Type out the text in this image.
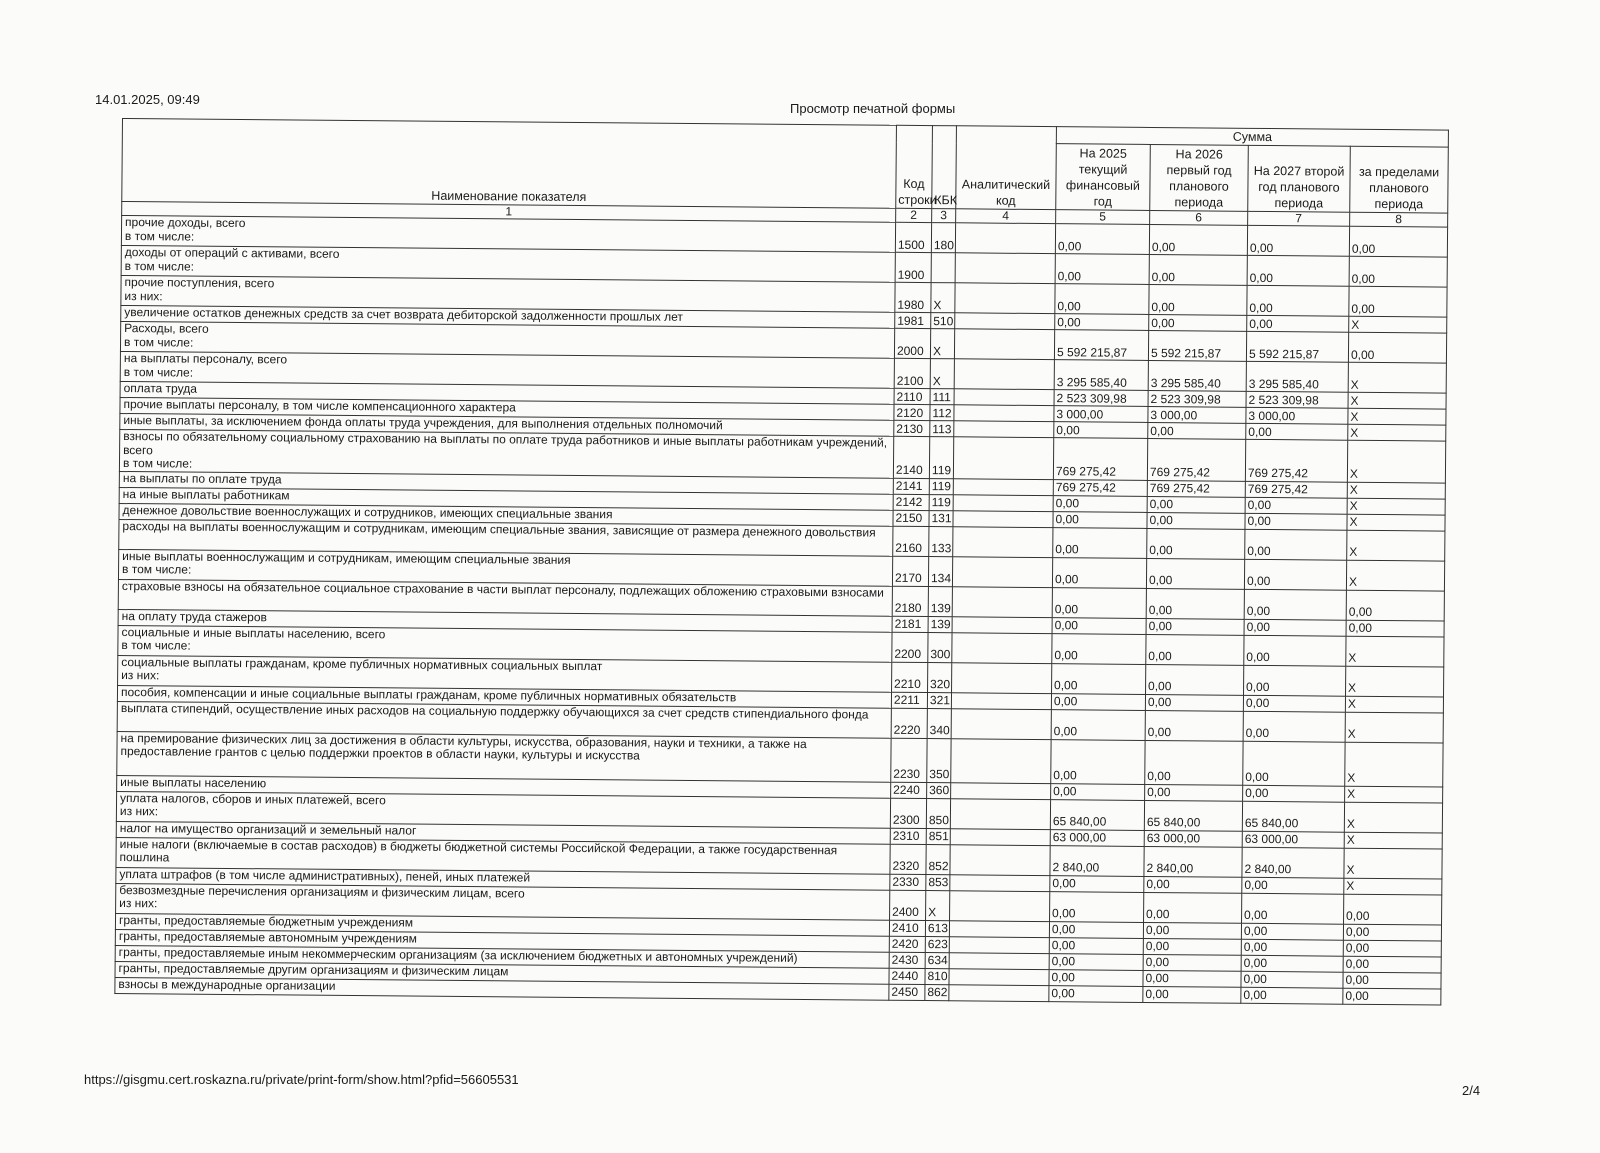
14.01.2025, 09:49
Просмотр печатной формы
Наименование показателя	Код строки	КБК	Аналитический код	Сумма			
				На 2025 текущий финансовый год	На 2026 первый год планового периода	На 2027 второй год планового периода	за пределами планового периода
1	2	3	4	5	6	7	8
прочие доходы, всего
в том числе:	1500	180		0,00	0,00	0,00	0,00
доходы от операций с активами, всего
в том числе:	1900			0,00	0,00	0,00	0,00
прочие поступления, всего
из них:	1980	X		0,00	0,00	0,00	0,00
увеличение остатков денежных средств за счет возврата дебиторской задолженности прошлых лет	1981	510		0,00	0,00	0,00	X
Расходы, всего
в том числе:	2000	X		5 592 215,87	5 592 215,87	5 592 215,87	0,00
на выплаты персоналу, всего
в том числе:	2100	X		3 295 585,40	3 295 585,40	3 295 585,40	X
оплата труда	2110	111		2 523 309,98	2 523 309,98	2 523 309,98	X
прочие выплаты персоналу, в том числе компенсационного характера	2120	112		3 000,00	3 000,00	3 000,00	X
иные выплаты, за исключением фонда оплаты труда учреждения, для выполнения отдельных полномочий	2130	113		0,00	0,00	0,00	X
взносы по обязательному социальному страхованию на выплаты по оплате труда работников и иные выплаты работникам учреждений, всего
в том числе:	2140	119		769 275,42	769 275,42	769 275,42	X
на выплаты по оплате труда	2141	119		769 275,42	769 275,42	769 275,42	X
на иные выплаты работникам	2142	119		0,00	0,00	0,00	X
денежное довольствие военнослужащих и сотрудников, имеющих специальные звания	2150	131		0,00	0,00	0,00	X
расходы на выплаты военнослужащим и сотрудникам, имеющим специальные звания, зависящие от размера денежного довольствия	2160	133		0,00	0,00	0,00	X
иные выплаты военнослужащим и сотрудникам, имеющим специальные звания
в том числе:	2170	134		0,00	0,00	0,00	X
страховые взносы на обязательное социальное страхование в части выплат персоналу, подлежащих обложению страховыми взносами	2180	139		0,00	0,00	0,00	0,00
на оплату труда стажеров	2181	139		0,00	0,00	0,00	0,00
социальные и иные выплаты населению, всего
в том числе:	2200	300		0,00	0,00	0,00	X
социальные выплаты гражданам, кроме публичных нормативных социальных выплат
из них:	2210	320		0,00	0,00	0,00	X
пособия, компенсации и иные социальные выплаты гражданам, кроме публичных нормативных обязательств	2211	321		0,00	0,00	0,00	X
выплата стипендий, осуществление иных расходов на социальную поддержку обучающихся за счет средств стипендиального фонда	2220	340		0,00	0,00	0,00	X
на премирование физических лиц за достижения в области культуры, искусства, образования, науки и техники, а также на предоставление грантов с целью поддержки проектов в области науки, культуры и искусства	2230	350		0,00	0,00	0,00	X
иные выплаты населению	2240	360		0,00	0,00	0,00	X
уплата налогов, сборов и иных платежей, всего
из них:	2300	850		65 840,00	65 840,00	65 840,00	X
налог на имущество организаций и земельный налог	2310	851		63 000,00	63 000,00	63 000,00	X
иные налоги (включаемые в состав расходов) в бюджеты бюджетной системы Российской Федерации, а также государственная пошлина	2320	852		2 840,00	2 840,00	2 840,00	X
уплата штрафов (в том числе административных), пеней, иных платежей	2330	853		0,00	0,00	0,00	X
безвозмездные перечисления организациям и физическим лицам, всего
из них:	2400	X		0,00	0,00	0,00	0,00
гранты, предоставляемые бюджетным учреждениям	2410	613		0,00	0,00	0,00	0,00
гранты, предоставляемые автономным учреждениям	2420	623		0,00	0,00	0,00	0,00
гранты, предоставляемые иным некоммерческим организациям (за исключением бюджетных и автономных учреждений)	2430	634		0,00	0,00	0,00	0,00
гранты, предоставляемые другим организациям и физическим лицам	2440	810		0,00	0,00	0,00	0,00
взносы в международные организации	2450	862		0,00	0,00	0,00	0,00
https://gisgmu.cert.roskazna.ru/private/print-form/show.html?pfid=56605531
2/4
